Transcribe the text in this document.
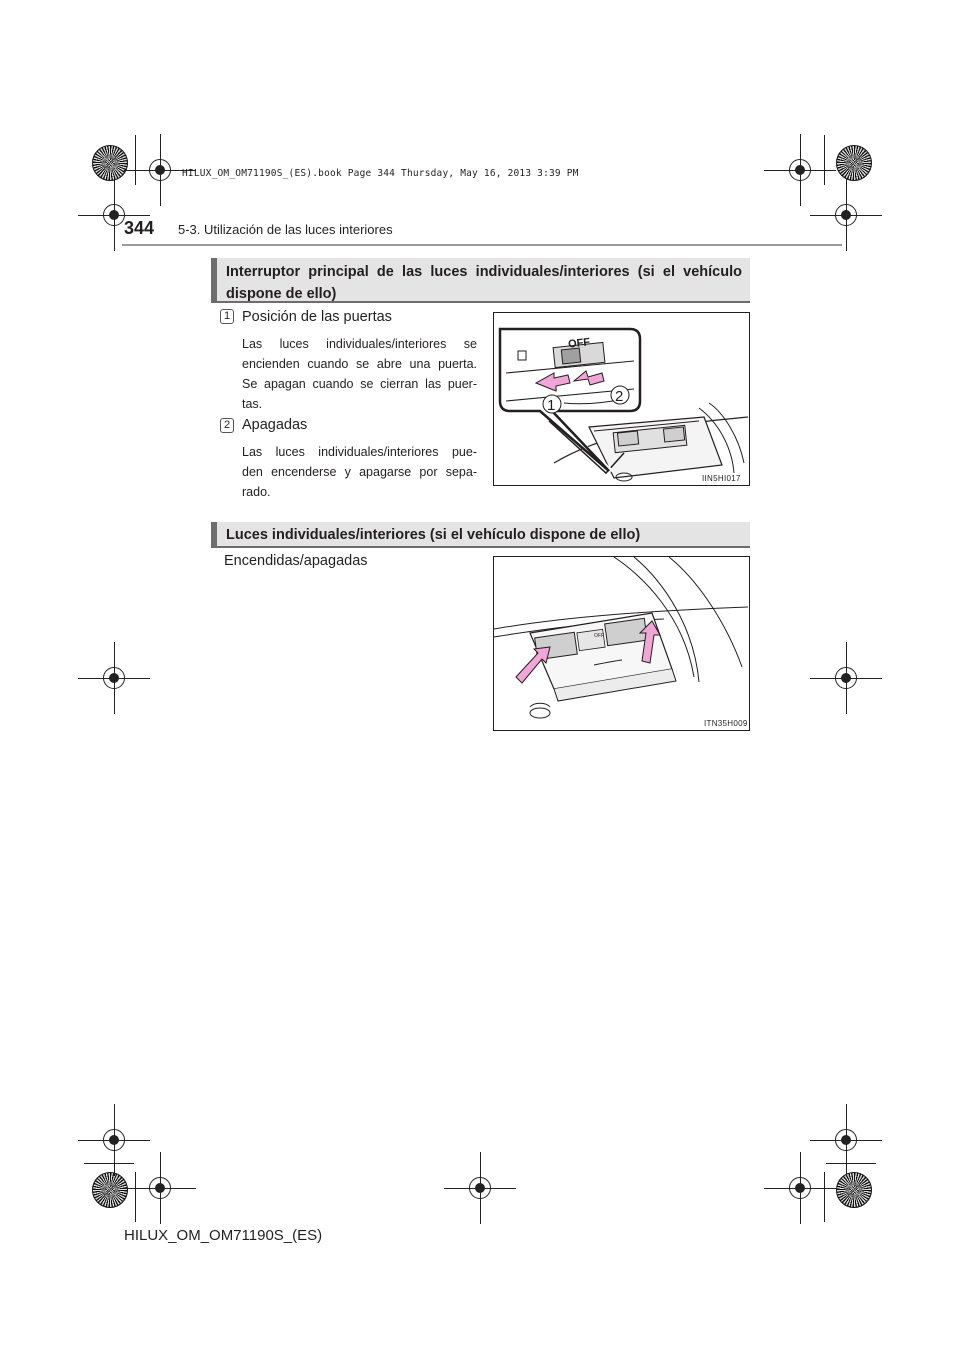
HILUX_OM_OM71190S_(ES).book Page 344 Thursday, May 16, 2013 3:39 PM
344 5-3. Utilización de las luces interiores
Interruptor principal de las luces individuales/interiores (si el vehículo
dispone de ello)
1 Posición de las puertas
Las luces individuales/interiores se
encienden cuando se abre una puerta.
Se apagan cuando se cierran las puer-
tas.
2 Apagadas
Las luces individuales/interiores pue-
den encenderse y apagarse por sepa-
rado.
OFF
1
2
IIN5HI017
Luces individuales/interiores (si el vehículo dispone de ello)
Encendidas/apagadas
OFF
ITN35H009
HILUX_OM_OM71190S_(ES)
